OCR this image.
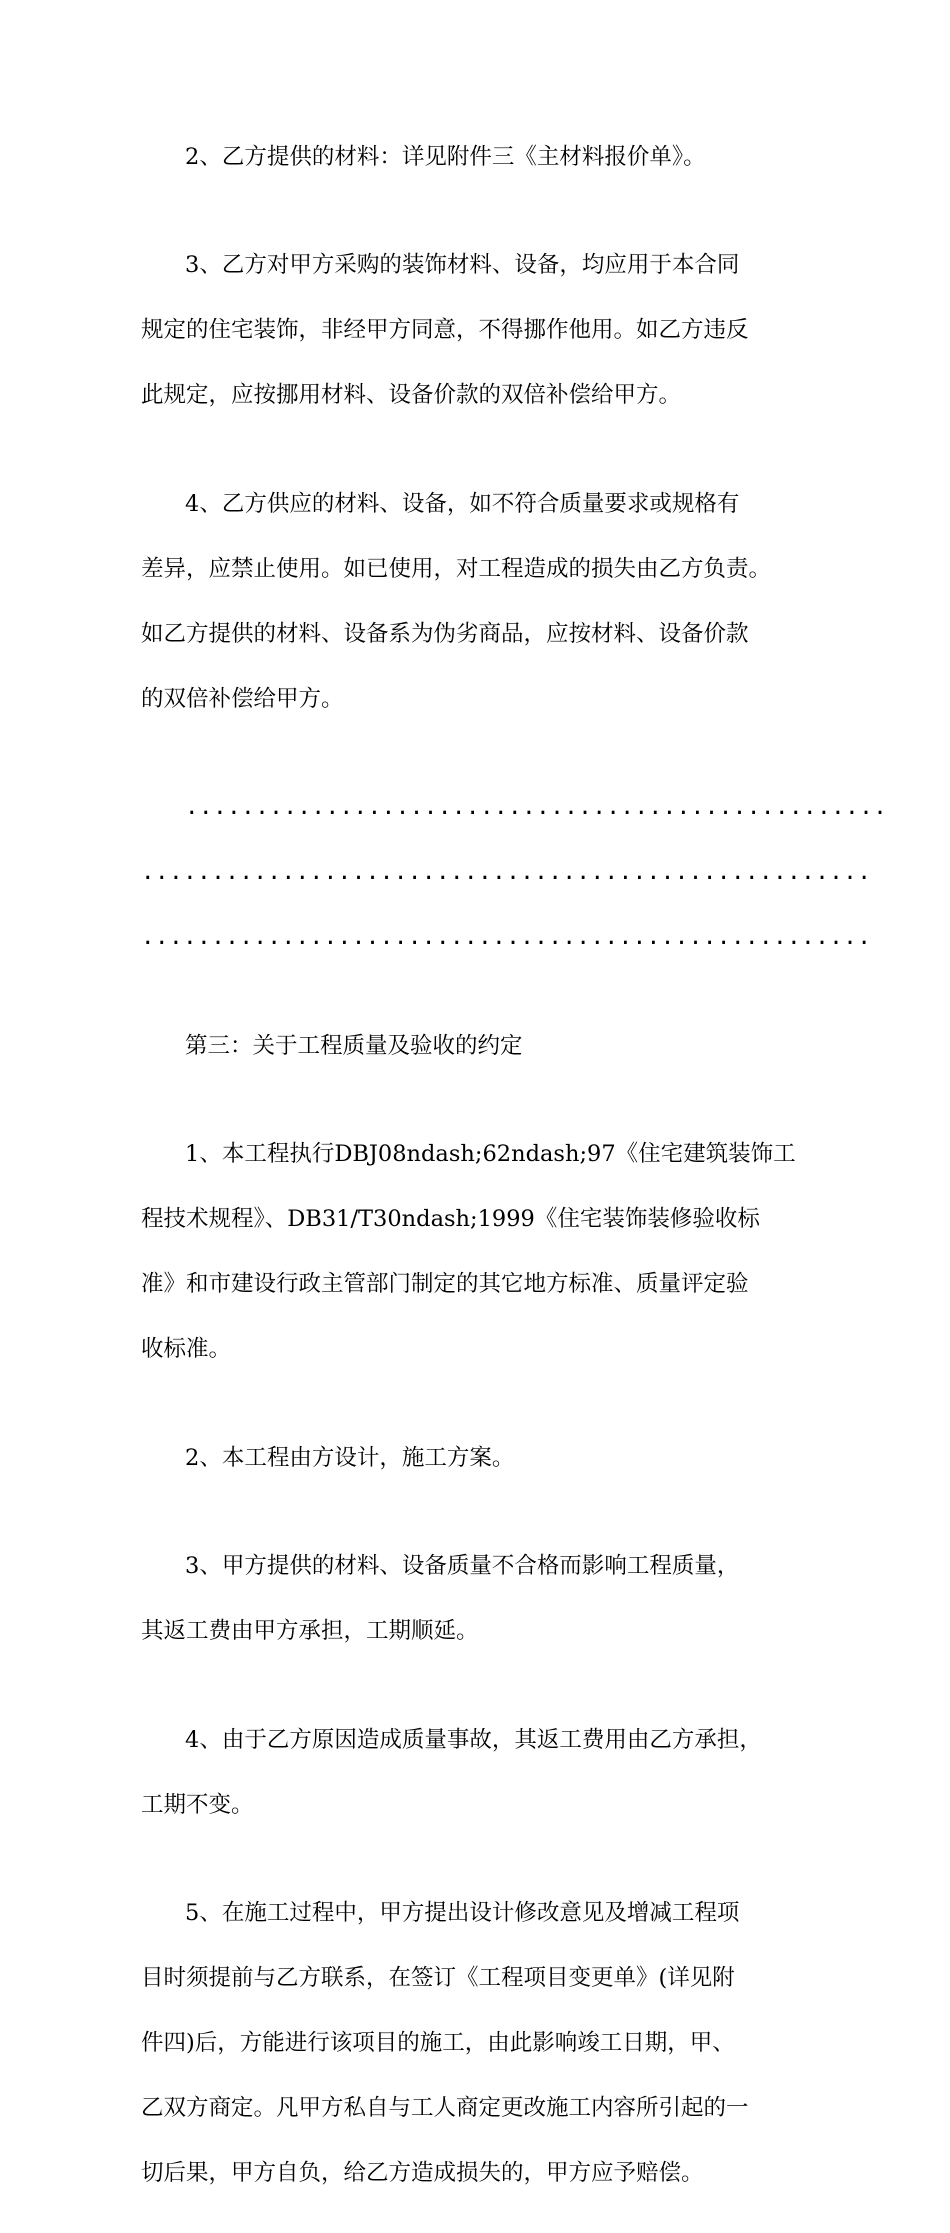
2、乙方提供的材料：详见附件三《主材料报价单》。

3、乙方对甲方采购的装饰材料、设备，均应用于本合同

规定的住宅装饰，非经甲方同意，不得挪作他用。如乙方违反

此规定，应按挪用材料、设备价款的双倍补偿给甲方。

4、乙方供应的材料、设备，如不符合质量要求或规格有

差异，应禁止使用。如已使用，对工程造成的损失由乙方负责。

如乙方提供的材料、设备系为伪劣商品，应按材料、设备价款

的双倍补偿给甲方。

..................................................

....................................................

....................................................

第三：关于工程质量及验收的约定

1、本工程执行DBJ08ndash;62ndash;97《住宅建筑装饰工

程技术规程》、DB31/T30ndash;1999《住宅装饰装修验收标

准》和市建设行政主管部门制定的其它地方标准、质量评定验

收标准。

2、本工程由方设计，施工方案。

3、甲方提供的材料、设备质量不合格而影响工程质量，

其返工费由甲方承担，工期顺延。

4、由于乙方原因造成质量事故，其返工费用由乙方承担，

工期不变。

5、在施工过程中，甲方提出设计修改意见及增减工程项

目时须提前与乙方联系，在签订《工程项目变更单》(详见附

件四)后，方能进行该项目的施工，由此影响竣工日期，甲、

乙双方商定。凡甲方私自与工人商定更改施工内容所引起的一

切后果，甲方自负，给乙方造成损失的，甲方应予赔偿。
